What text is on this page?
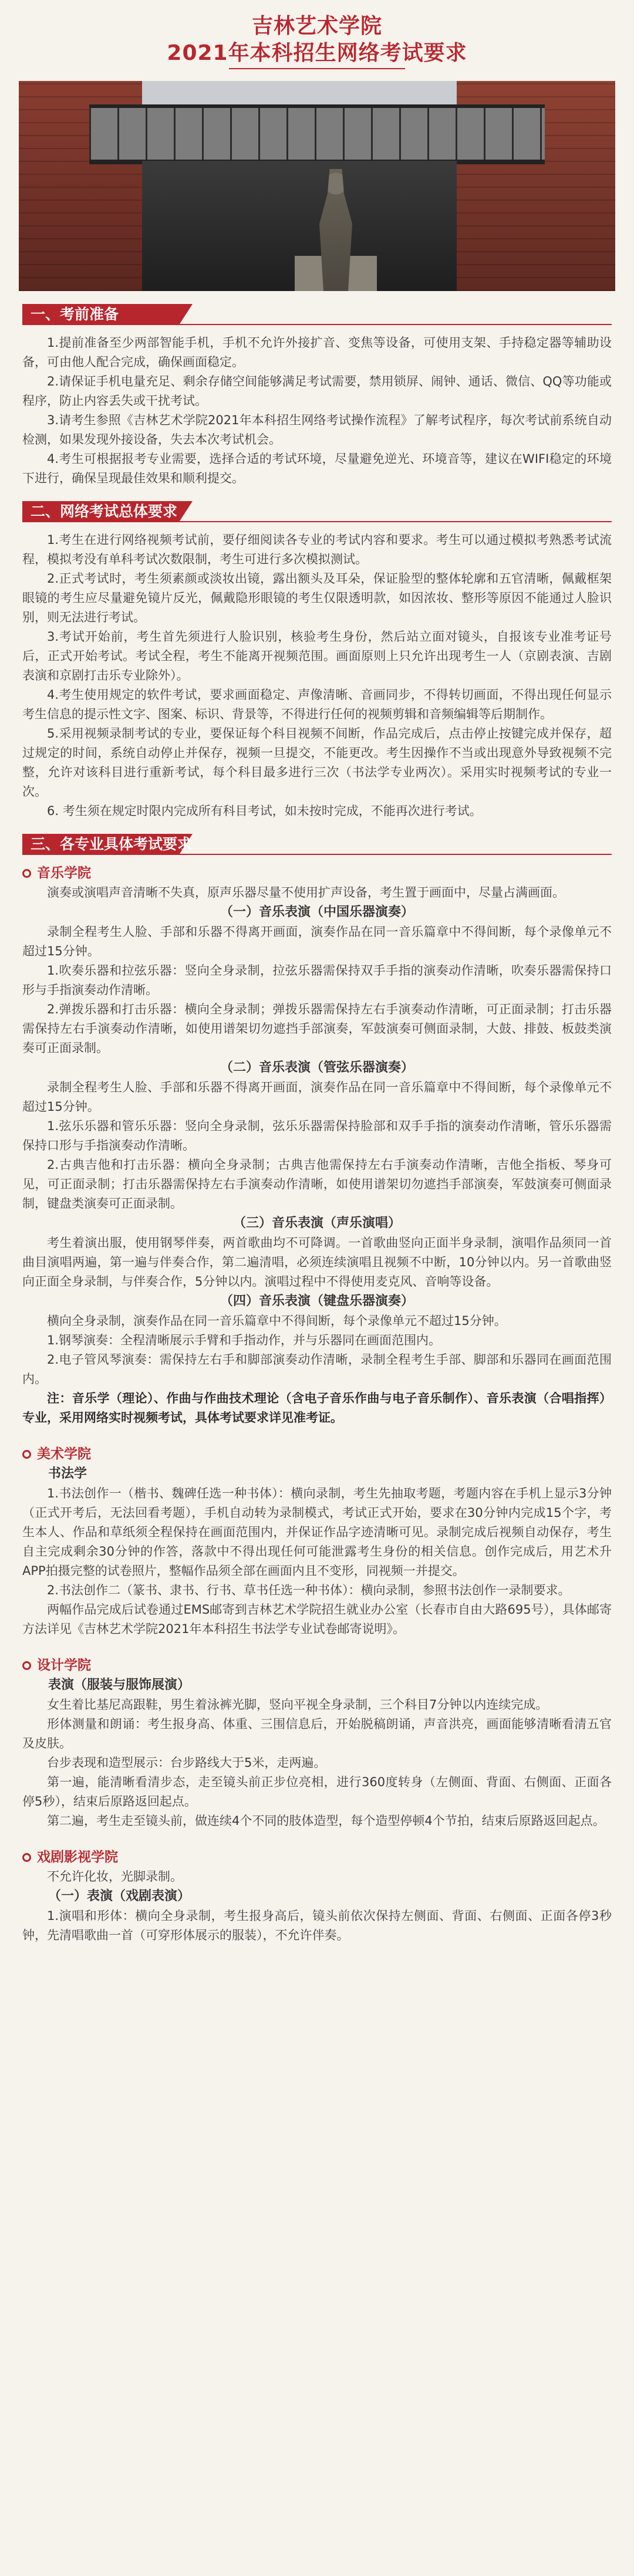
吉林艺术学院
2021年本科招生网络考试要求
一、考前准备

1.提前准备至少两部智能手机，手机不允许外接扩音、变焦等设备，可使用支架、手持稳定器等辅助设备，可由他人配合完成，确保画面稳定。

2.请保证手机电量充足、剩余存储空间能够满足考试需要，禁用锁屏、闹钟、通话、微信、QQ等功能或程序，防止内容丢失或干扰考试。

3.请考生参照《吉林艺术学院2021年本科招生网络考试操作流程》了解考试程序，每次考试前系统自动检测，如果发现外接设备，失去本次考试机会。

4.考生可根据报考专业需要，选择合适的考试环境，尽量避免逆光、环境音等，建议在WIFI稳定的环境下进行，确保呈现最佳效果和顺利提交。

二、网络考试总体要求

1.考生在进行网络视频考试前，要仔细阅读各专业的考试内容和要求。考生可以通过模拟考熟悉考试流程，模拟考没有单科考试次数限制，考生可进行多次模拟测试。

2.正式考试时，考生须素颜或淡妆出镜，露出额头及耳朵，保证脸型的整体轮廓和五官清晰，佩戴框架眼镜的考生应尽量避免镜片反光，佩戴隐形眼镜的考生仅限透明款，如因浓妆、整形等原因不能通过人脸识别，则无法进行考试。

3.考试开始前，考生首先须进行人脸识别，核验考生身份，然后站立面对镜头，自报该专业准考证号后，正式开始考试。考试全程，考生不能离开视频范围。画面原则上只允许出现考生一人（京剧表演、吉剧表演和京剧打击乐专业除外）。

4.考生使用规定的软件考试，要求画面稳定、声像清晰、音画同步，不得转切画面，不得出现任何显示考生信息的提示性文字、图案、标识、背景等，不得进行任何的视频剪辑和音频编辑等后期制作。

5.采用视频录制考试的专业，要保证每个科目视频不间断，作品完成后，点击停止按键完成并保存，超过规定的时间，系统自动停止并保存，视频一旦提交，不能更改。考生因操作不当或出现意外导致视频不完整，允许对该科目进行重新考试，每个科目最多进行三次（书法学专业两次）。采用实时视频考试的专业一次。

6. 考生须在规定时限内完成所有科目考试，如未按时完成，不能再次进行考试。

三、各专业具体考试要求
音乐学院

演奏或演唱声音清晰不失真，原声乐器尽量不使用扩声设备，考生置于画面中，尽量占满画面。

（一）音乐表演（中国乐器演奏）

录制全程考生人脸、手部和乐器不得离开画面，演奏作品在同一音乐篇章中不得间断，每个录像单元不超过15分钟。

1.吹奏乐器和拉弦乐器：竖向全身录制，拉弦乐器需保持双手手指的演奏动作清晰，吹奏乐器需保持口形与手指演奏动作清晰。

2.弹拨乐器和打击乐器：横向全身录制；弹拨乐器需保持左右手演奏动作清晰，可正面录制；打击乐器需保持左右手演奏动作清晰，如使用谱架切勿遮挡手部演奏，军鼓演奏可侧面录制，大鼓、排鼓、板鼓类演奏可正面录制。

（二）音乐表演（管弦乐器演奏）

录制全程考生人脸、手部和乐器不得离开画面，演奏作品在同一音乐篇章中不得间断，每个录像单元不超过15分钟。

1.弦乐乐器和管乐乐器：竖向全身录制，弦乐乐器需保持脸部和双手手指的演奏动作清晰，管乐乐器需保持口形与手指演奏动作清晰。

2.古典吉他和打击乐器：横向全身录制；古典吉他需保持左右手演奏动作清晰，吉他全指板、琴身可见，可正面录制；打击乐器需保持左右手演奏动作清晰，如使用谱架切勿遮挡手部演奏，军鼓演奏可侧面录制，键盘类演奏可正面录制。

（三）音乐表演（声乐演唱）

考生着演出服，使用钢琴伴奏，两首歌曲均不可降调。一首歌曲竖向正面半身录制，演唱作品须同一首曲目演唱两遍，第一遍与伴奏合作，第二遍清唱，必须连续演唱且视频不中断，10分钟以内。另一首歌曲竖向正面全身录制，与伴奏合作，5分钟以内。演唱过程中不得使用麦克风、音响等设备。

（四）音乐表演（键盘乐器演奏）

横向全身录制，演奏作品在同一音乐篇章中不得间断，每个录像单元不超过15分钟。

1.钢琴演奏：全程清晰展示手臂和手指动作，并与乐器同在画面范围内。

2.电子管风琴演奏：需保持左右手和脚部演奏动作清晰，录制全程考生手部、脚部和乐器同在画面范围内。

注：音乐学（理论）、作曲与作曲技术理论（含电子音乐作曲与电子音乐制作）、音乐表演（合唱指挥）专业，采用网络实时视频考试，具体考试要求详见准考证。

美术学院
书法学

1.书法创作一（楷书、魏碑任选一种书体）：横向录制，考生先抽取考题，考题内容在手机上显示3分钟（正式开考后，无法回看考题），手机自动转为录制模式，考试正式开始，要求在30分钟内完成15个字，考生本人、作品和草纸须全程保持在画面范围内，并保证作品字迹清晰可见。录制完成后视频自动保存，考生自主完成剩余30分钟的作答，落款中不得出现任何可能泄露考生身份的相关信息。创作完成后，用艺术升APP拍摄完整的试卷照片，整幅作品须全部在画面内且不变形，同视频一并提交。

2.书法创作二（篆书、隶书、行书、草书任选一种书体）：横向录制，参照书法创作一录制要求。

两幅作品完成后试卷通过EMS邮寄到吉林艺术学院招生就业办公室（长春市自由大路695号），具体邮寄方法详见《吉林艺术学院2021年本科招生书法学专业试卷邮寄说明》。

设计学院
表演（服装与服饰展演）

女生着比基尼高跟鞋，男生着泳裤光脚，竖向平视全身录制，三个科目7分钟以内连续完成。

形体测量和朗诵：考生报身高、体重、三围信息后，开始脱稿朗诵，声音洪亮，画面能够清晰看清五官及皮肤。

台步表现和造型展示：台步路线大于5米，走两遍。

第一遍，能清晰看清步态，走至镜头前正步位亮相，进行360度转身（左侧面、背面、右侧面、正面各停5秒），结束后原路返回起点。

第二遍，考生走至镜头前，做连续4个不同的肢体造型，每个造型停顿4个节拍，结束后原路返回起点。

戏剧影视学院

不允许化妆，光脚录制。

（一）表演（戏剧表演）

1.演唱和形体：横向全身录制，考生报身高后，镜头前依次保持左侧面、背面、右侧面、正面各停3秒钟，先清唱歌曲一首（可穿形体展示的服装），不允许伴奏。
